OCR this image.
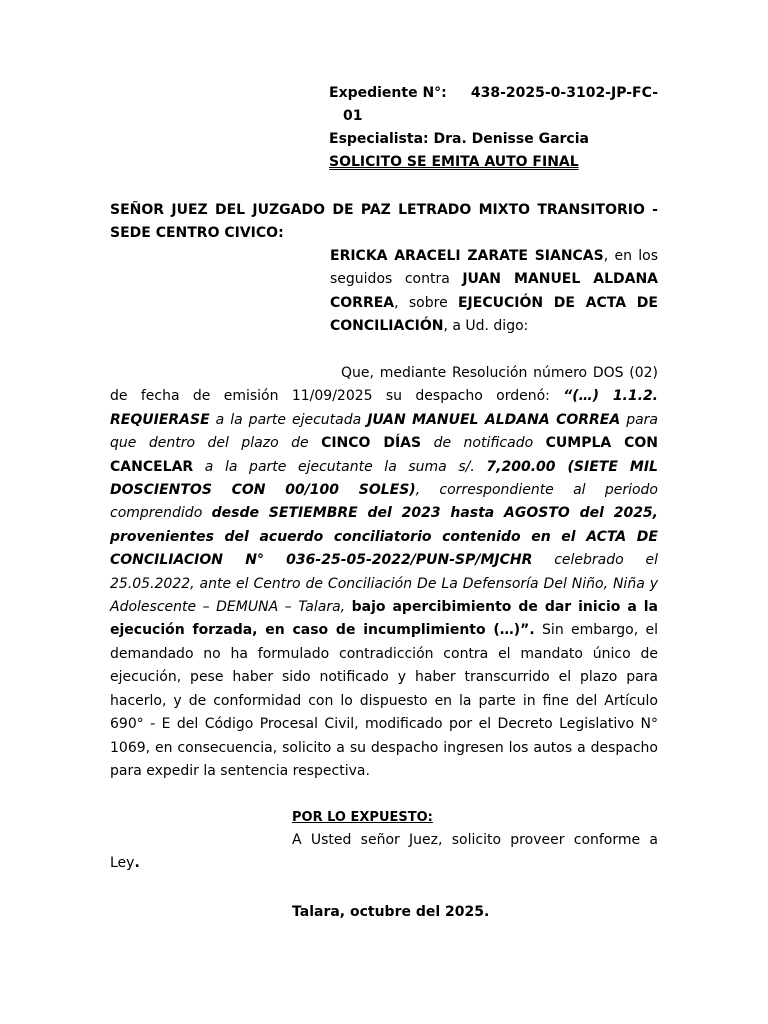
Expediente N°: 438-2025-0-3102-JP-FC-
01
Especialista: Dra. Denisse Garcia
SOLICITO SE EMITA AUTO FINAL
SEÑOR JUEZ DEL JUZGADO DE PAZ LETRADO MIXTO TRANSITORIO - SEDE CENTRO CIVICO:
ERICKA ARACELI ZARATE SIANCAS, en los seguidos contra JUAN MANUEL ALDANA CORREA, sobre EJECUCIÓN DE ACTA DE CONCILIACIÓN, a Ud. digo:
Que, mediante Resolución número DOS (02) de fecha de emisión 11/09/2025 su despacho ordenó: “(…) 1.1.2. REQUIERASE a la parte ejecutada JUAN MANUEL ALDANA CORREA para que dentro del plazo de CINCO DÍAS de notificado CUMPLA CON CANCELAR a la parte ejecutante la suma s/. 7,200.00 (SIETE MIL DOSCIENTOS CON 00/100 SOLES), correspondiente al periodo comprendido desde SETIEMBRE del 2023 hasta AGOSTO del 2025, provenientes del acuerdo conciliatorio contenido en el ACTA DE CONCILIACION N° 036-25-05-2022/PUN-SP/MJCHR celebrado el 25.05.2022, ante el Centro de Conciliación De La Defensoría Del Niño, Niña y Adolescente – DEMUNA – Talara, bajo apercibimiento de dar inicio a la ejecución forzada, en caso de incumplimiento (…)”. Sin embargo, el demandado no ha formulado contradicción contra el mandato único de ejecución, pese haber sido notificado y haber transcurrido el plazo para hacerlo, y de conformidad con lo dispuesto en la parte in fine del Artículo 690° - E del Código Procesal Civil, modificado por el Decreto Legislativo N° 1069, en consecuencia, solicito a su despacho ingresen los autos a despacho para expedir la sentencia respectiva.
POR LO EXPUESTO:
A Usted señor Juez, solicito proveer conforme a Ley.
Talara, octubre del 2025.
